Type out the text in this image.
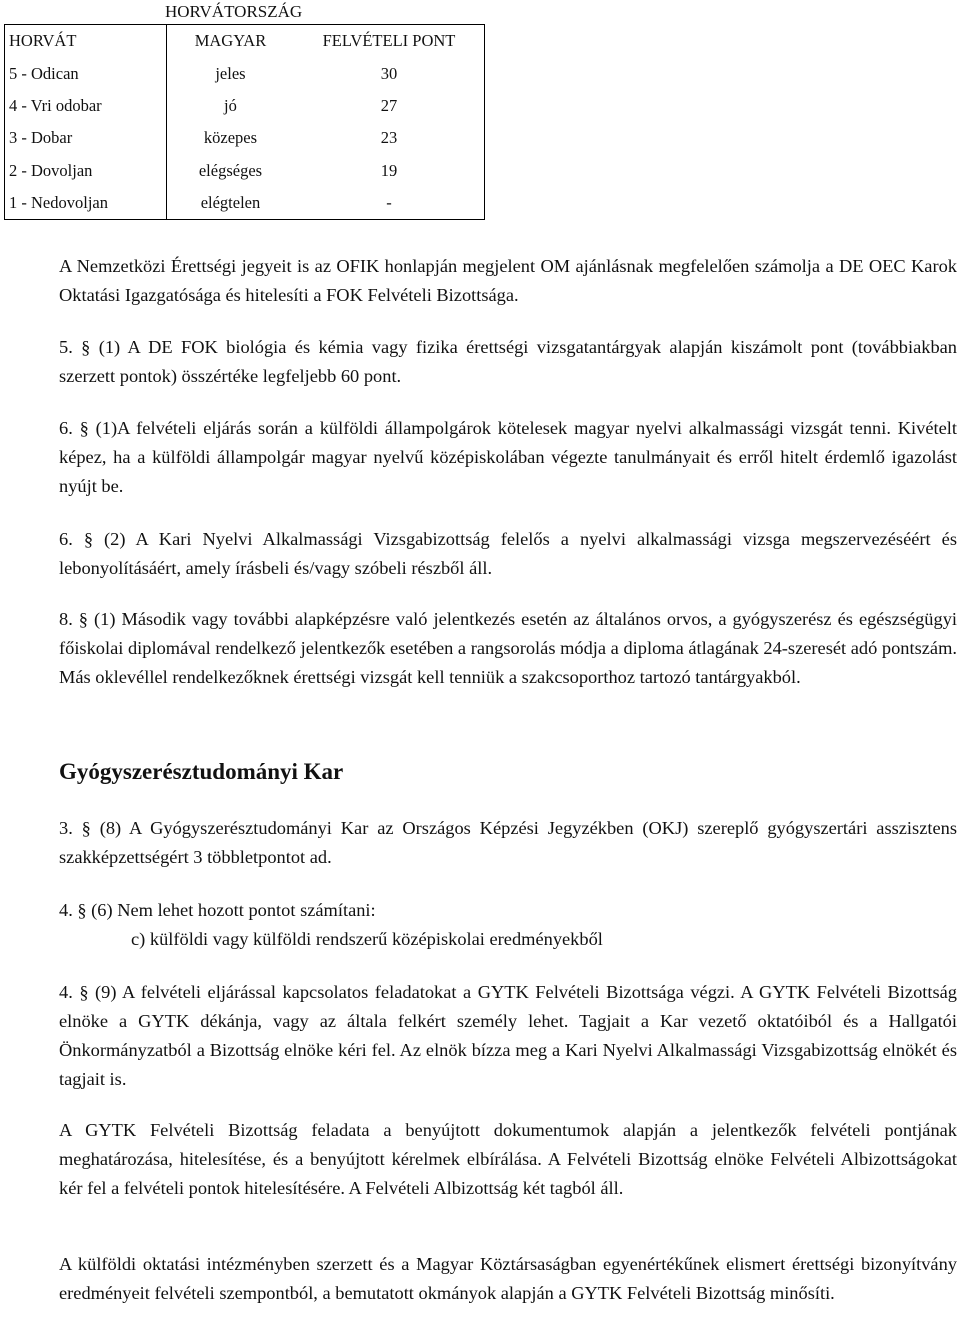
HORVÁTORSZÁG
HORVÁT	MAGYAR	FELVÉTELI PONT
5 - Odican	jeles	30
4 - Vri odobar	jó	27
3 - Dobar	közepes	23
2 - Dovoljan	elégséges	19
1 - Nedovoljan	elégtelen	-

A Nemzetközi Érettségi jegyeit is az OFIK honlapján megjelent OM ajánlásnak megfelelően számolja a DE OEC Karok Oktatási Igazgatósága és hitelesíti a FOK Felvételi Bizottsága.

5. § (1) A DE FOK biológia és kémia vagy fizika érettségi vizsgatantárgyak alapján kiszámolt pont (továbbiakban szerzett pontok) összértéke legfeljebb 60 pont.

6. § (1)A felvételi eljárás során a külföldi állampolgárok kötelesek magyar nyelvi alkalmassági vizsgát tenni. Kivételt képez, ha a külföldi állampolgár magyar nyelvű középiskolában végezte tanulmányait és erről hitelt érdemlő igazolást nyújt be.

6. § (2) A Kari Nyelvi Alkalmassági Vizsgabizottság felelős a nyelvi alkalmassági vizsga megszervezéséért és lebonyolításáért, amely írásbeli és/vagy szóbeli részből áll.

8. § (1) Második vagy további alapképzésre való jelentkezés esetén az általános orvos, a gyógyszerész és egészségügyi főiskolai diplomával rendelkező jelentkezők esetében a rangsorolás módja a diploma átlagának 24-szeresét adó pontszám. Más oklevéllel rendelkezőknek érettségi vizsgát kell tenniük a szakcsoporthoz tartozó tantárgyakból.

Gyógyszerésztudományi Kar

3. § (8) A Gyógyszerésztudományi Kar az Országos Képzési Jegyzékben (OKJ) szereplő gyógyszertári asszisztens szakképzettségért 3 többletpontot ad.

4. § (6) Nem lehet hozott pontot számítani:
c) külföldi vagy külföldi rendszerű középiskolai eredményekből

4. § (9) A felvételi eljárással kapcsolatos feladatokat a GYTK Felvételi Bizottsága végzi. A GYTK Felvételi Bizottság elnöke a GYTK dékánja, vagy az általa felkért személy lehet. Tagjait a Kar vezető oktatóiból és a Hallgatói Önkormányzatból a Bizottság elnöke kéri fel. Az elnök bízza meg a Kari Nyelvi Alkalmassági Vizsgabizottság elnökét és tagjait is.

A GYTK Felvételi Bizottság feladata a benyújtott dokumentumok alapján a jelentkezők felvételi pontjának meghatározása, hitelesítése, és a benyújtott kérelmek elbírálása. A Felvételi Bizottság elnöke Felvételi Albizottságokat kér fel a felvételi pontok hitelesítésére. A Felvételi Albizottság két tagból áll.

A külföldi oktatási intézményben szerzett és a Magyar Köztársaságban egyenértékűnek elismert érettségi bizonyítvány eredményeit felvételi szempontból, a bemutatott okmányok alapján a GYTK Felvételi Bizottság minősíti.
